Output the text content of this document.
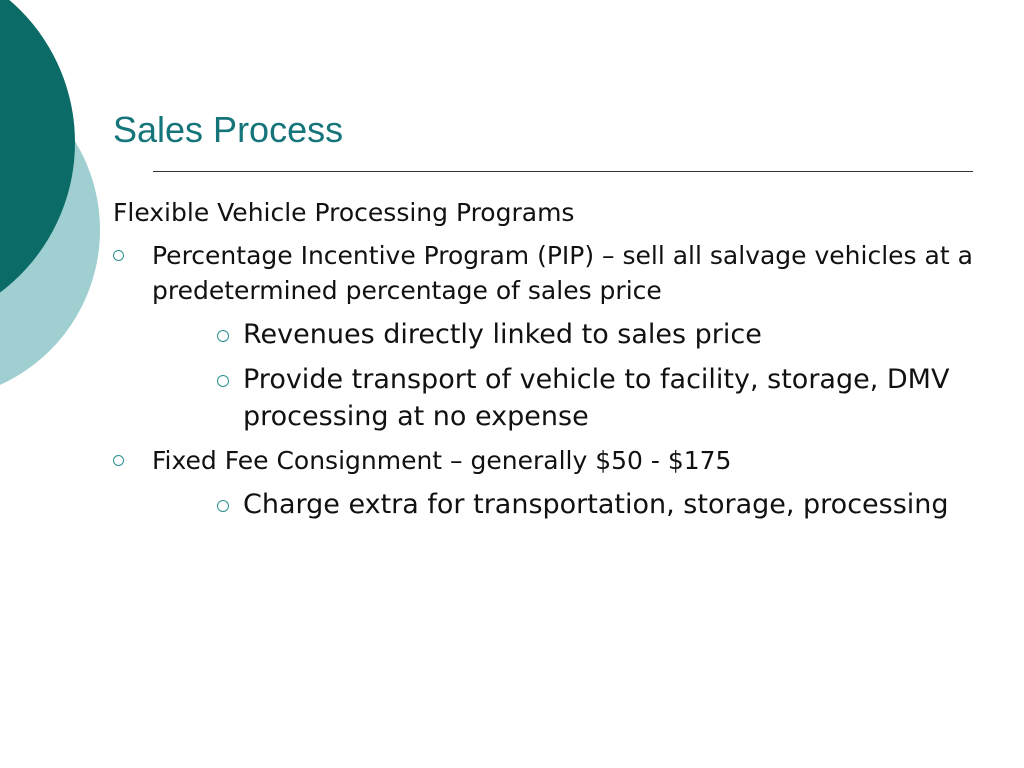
Sales Process
Flexible Vehicle Processing Programs
Percentage Incentive Program (PIP) – sell all salvage vehicles at a predetermined percentage of sales price
Revenues directly linked to sales price
Provide transport of vehicle to facility, storage, DMV processing at no expense
Fixed Fee Consignment – generally $50 - $175
Charge extra for transportation, storage, processing
